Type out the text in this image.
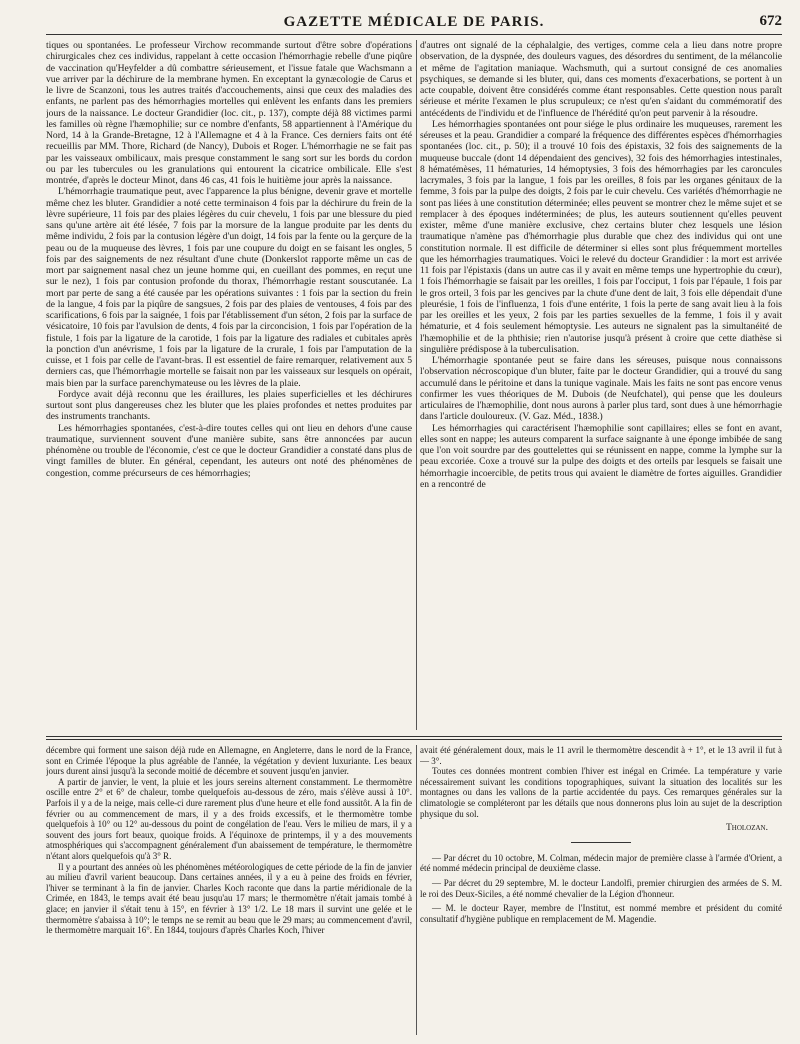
GAZETTE MÉDICALE DE PARIS.	672

tiques ou spontanées. Le professeur Virchow recommande surtout d'être sobre d'opérations chirurgicales chez ces individus, rappelant à cette occasion l'hémorrhagie rebelle d'une piqûre de vaccination qu'Heyfelder a dû combattre sérieusement, et l'issue fatale que Wachsmann a vue arriver par la déchirure de la membrane hymen. En exceptant la gynæcologie de Carus et le livre de Scanzoni, tous les autres traités d'accouchements, ainsi que ceux des maladies des enfants, ne parlent pas des hémorrhagies mortelles qui enlèvent les enfants dans les premiers jours de la naissance. Le docteur Grandidier (loc. cit., p. 137), compte déjà 88 victimes parmi les familles où règne l'hæmophilie; sur ce nombre d'enfants, 58 appartiennent à l'Amérique du Nord, 14 à la Grande-Bretagne, 12 à l'Allemagne et 4 à la France. Ces derniers faits ont été recueillis par MM. Thore, Richard (de Nancy), Dubois et Roger. L'hémorrhagie ne se fait pas par les vaisseaux ombilicaux, mais presque constamment le sang sort sur les bords du cordon ou par les tubercules ou les granulations qui entourent la cicatrice ombilicale. Elle s'est montrée, d'après le docteur Minot, dans 46 cas, 41 fois le huitième jour après la naissance.

L'hémorrhagie traumatique peut, avec l'apparence la plus bénigne, devenir grave et mortelle même chez les bluter. Grandidier a noté cette terminaison 4 fois par la déchirure du frein de la lèvre supérieure, 11 fois par des plaies légères du cuir chevelu, 1 fois par une blessure du pied sans qu'une artère ait été lésée, 7 fois par la morsure de la langue produite par les dents du même individu, 2 fois par la contusion légère d'un doigt, 14 fois par la fente ou la gerçure de la peau ou de la muqueuse des lèvres, 1 fois par une coupure du doigt en se faisant les ongles, 5 fois par des saignements de nez résultant d'une chute (Donkerslot rapporte même un cas de mort par saignement nasal chez un jeune homme qui, en cueillant des pommes, en reçut une sur le nez), 1 fois par contusion profonde du thorax, l'hémorrhagie restant souscutanée. La mort par perte de sang a été causée par les opérations suivantes : 1 fois par la section du frein de la langue, 4 fois par la piqûre de sangsues, 2 fois par des plaies de ventouses, 4 fois par des scarifications, 6 fois par la saignée, 1 fois par l'établissement d'un séton, 2 fois par la surface de vésicatoire, 10 fois par l'avulsion de dents, 4 fois par la circoncision, 1 fois par l'opération de la fistule, 1 fois par la ligature de la carotide, 1 fois par la ligature des radiales et cubitales après la ponction d'un anévrisme, 1 fois par la ligature de la crurale, 1 fois par l'amputation de la cuisse, et 1 fois par celle de l'avant-bras. Il est essentiel de faire remarquer, relativement aux 5 derniers cas, que l'hémorrhagie mortelle se faisait non par les vaisseaux sur lesquels on opérait, mais bien par la surface parenchymateuse ou les lèvres de la plaie.

Fordyce avait déjà reconnu que les éraillures, les plaies superficielles et les déchirures surtout sont plus dangereuses chez les bluter que les plaies profondes et nettes produites par des instruments tranchants.

Les hémorrhagies spontanées, c'est-à-dire toutes celles qui ont lieu en dehors d'une cause traumatique, surviennent souvent d'une manière subite, sans être annoncées par aucun phénomène ou trouble de l'économie, c'est ce que le docteur Grandidier a constaté dans plus de vingt familles de bluter. En général, cependant, les auteurs ont noté des phénomènes de congestion, comme précurseurs de ces hémorrhagies;

d'autres ont signalé de la céphalalgie, des vertiges, comme cela a lieu dans notre propre observation, de la dyspnée, des douleurs vagues, des désordres du sentiment, de la mélancolie et même de l'agitation maniaque. Wachsmuth, qui a surtout consigné de ces anomalies psychiques, se demande si les bluter, qui, dans ces moments d'exacerbations, se portent à un acte coupable, doivent être considérés comme étant responsables. Cette question nous paraît sérieuse et mérite l'examen le plus scrupuleux; ce n'est qu'en s'aidant du commémoratif des antécédents de l'individu et de l'influence de l'hérédité qu'on peut parvenir à la résoudre.

Les hémorrhagies spontanées ont pour siége le plus ordinaire les muqueuses, rarement les séreuses et la peau. Grandidier a comparé la fréquence des différentes espèces d'hémorrhagies spontanées (loc. cit., p. 50); il a trouvé 10 fois des épistaxis, 32 fois des saignements de la muqueuse buccale (dont 14 dépendaient des gencives), 32 fois des hémorrhagies intestinales, 8 hématémèses, 11 hématuries, 14 hémoptysies, 3 fois des hémorrhagies par les caroncules lacrymales, 3 fois par la langue, 1 fois par les oreilles, 8 fois par les organes génitaux de la femme, 3 fois par la pulpe des doigts, 2 fois par le cuir chevelu. Ces variétés d'hémorrhagie ne sont pas liées à une constitution déterminée; elles peuvent se montrer chez le même sujet et se remplacer à des époques indéterminées; de plus, les auteurs soutiennent qu'elles peuvent exister, même d'une manière exclusive, chez certains bluter chez lesquels une lésion traumatique n'amène pas d'hémorrhagie plus durable que chez des individus qui ont une constitution normale. Il est difficile de déterminer si elles sont plus fréquemment mortelles que les hémorrhagies traumatiques. Voici le relevé du docteur Grandidier : la mort est arrivée 11 fois par l'épistaxis (dans un autre cas il y avait en même temps une hypertrophie du cœur), 1 fois l'hémorrhagie se faisait par les oreilles, 1 fois par l'occiput, 1 fois par l'épaule, 1 fois par le gros orteil, 3 fois par les gencives par la chute d'une dent de lait, 3 fois elle dépendait d'une pleurésie, 1 fois de l'influenza, 1 fois d'une entérite, 1 fois la perte de sang avait lieu à la fois par les oreilles et les yeux, 2 fois par les parties sexuelles de la femme, 1 fois il y avait hématurie, et 4 fois seulement hémoptysie. Les auteurs ne signalent pas la simultanéité de l'hæmophilie et de la phthisie; rien n'autorise jusqu'à présent à croire que cette diathèse si singulière prédispose à la tuberculisation.

L'hémorrhagie spontanée peut se faire dans les séreuses, puisque nous connaissons l'observation nécroscopique d'un bluter, faite par le docteur Grandidier, qui a trouvé du sang accumulé dans le péritoine et dans la tunique vaginale. Mais les faits ne sont pas encore venus confirmer les vues théoriques de M. Dubois (de Neufchatel), qui pense que les douleurs articulaires de l'hæmophilie, dont nous aurons à parler plus tard, sont dues à une hémorrhagie dans l'article douloureux. (V. Gaz. Méd., 1838.)

Les hémorrhagies qui caractérisent l'hæmophilie sont capillaires; elles se font en avant, elles sont en nappe; les auteurs comparent la surface saignante à une éponge imbibée de sang que l'on voit sourdre par des gouttelettes qui se réunissent en nappe, comme la lymphe sur la peau excoriée. Coxe a trouvé sur la pulpe des doigts et des orteils par lesquels se faisait une hémorrhagie incoercible, de petits trous qui avaient le diamètre de fortes aiguilles. Grandidier en a rencontré de

décembre qui forment une saison déjà rude en Allemagne, en Angleterre, dans le nord de la France, sont en Crimée l'époque la plus agréable de l'année, la végétation y devient luxuriante. Les beaux jours durent ainsi jusqu'à la seconde moitié de décembre et souvent jusqu'en janvier.

A partir de janvier, le vent, la pluie et les jours sereins alternent constamment. Le thermomètre oscille entre 2° et 6° de chaleur, tombe quelquefois au-dessous de zéro, mais s'élève aussi à 10°. Parfois il y a de la neige, mais celle-ci dure rarement plus d'une heure et elle fond aussitôt. A la fin de février ou au commencement de mars, il y a des froids excessifs, et le thermomètre tombe quelquefois à 10° ou 12° au-dessous du point de congélation de l'eau. Vers le milieu de mars, il y a souvent des jours fort beaux, quoique froids. A l'équinoxe de printemps, il y a des mouvements atmosphériques qui s'accompagnent généralement d'un abaissement de température, le thermomètre n'étant alors quelquefois qu'à 3° R.

Il y a pourtant des années où les phénomènes météorologiques de cette période de la fin de janvier au milieu d'avril varient beaucoup. Dans certaines années, il y a eu à peine des froids en février, l'hiver se terminant à la fin de janvier. Charles Koch raconte que dans la partie méridionale de la Crimée, en 1843, le temps avait été beau jusqu'au 17 mars; le thermomètre n'était jamais tombé à glace; en janvier il s'était tenu à 15°, en février à 13° 1/2. Le 18 mars il survint une gelée et le thermomètre s'abaissa à 10°; le temps ne se remit au beau que le 29 mars; au commencement d'avril, le thermomètre marquait 16°. En 1844, toujours d'après Charles Koch, l'hiver

avait été généralement doux, mais le 11 avril le thermomètre descendit à + 1°, et le 13 avril il fut à — 3°.

Toutes ces données montrent combien l'hiver est inégal en Crimée. La température y varie nécessairement suivant les conditions topographiques, suivant la situation des localités sur les montagnes ou dans les vallons de la partie accidentée du pays. Ces remarques générales sur la climatologie se compléteront par les détails que nous donnerons plus loin au sujet de la description physique du sol.

Tholozan.

— Par décret du 10 octobre, M. Colman, médecin major de première classe à l'armée d'Orient, a été nommé médecin principal de deuxième classe.

— Par décret du 29 septembre, M. le docteur Landolfi, premier chirurgien des armées de S. M. le roi des Deux-Siciles, a été nommé chevalier de la Légion d'honneur.

— M. le docteur Rayer, membre de l'Institut, est nommé membre et président du comité consultatif d'hygiène publique en remplacement de M. Magendie.
